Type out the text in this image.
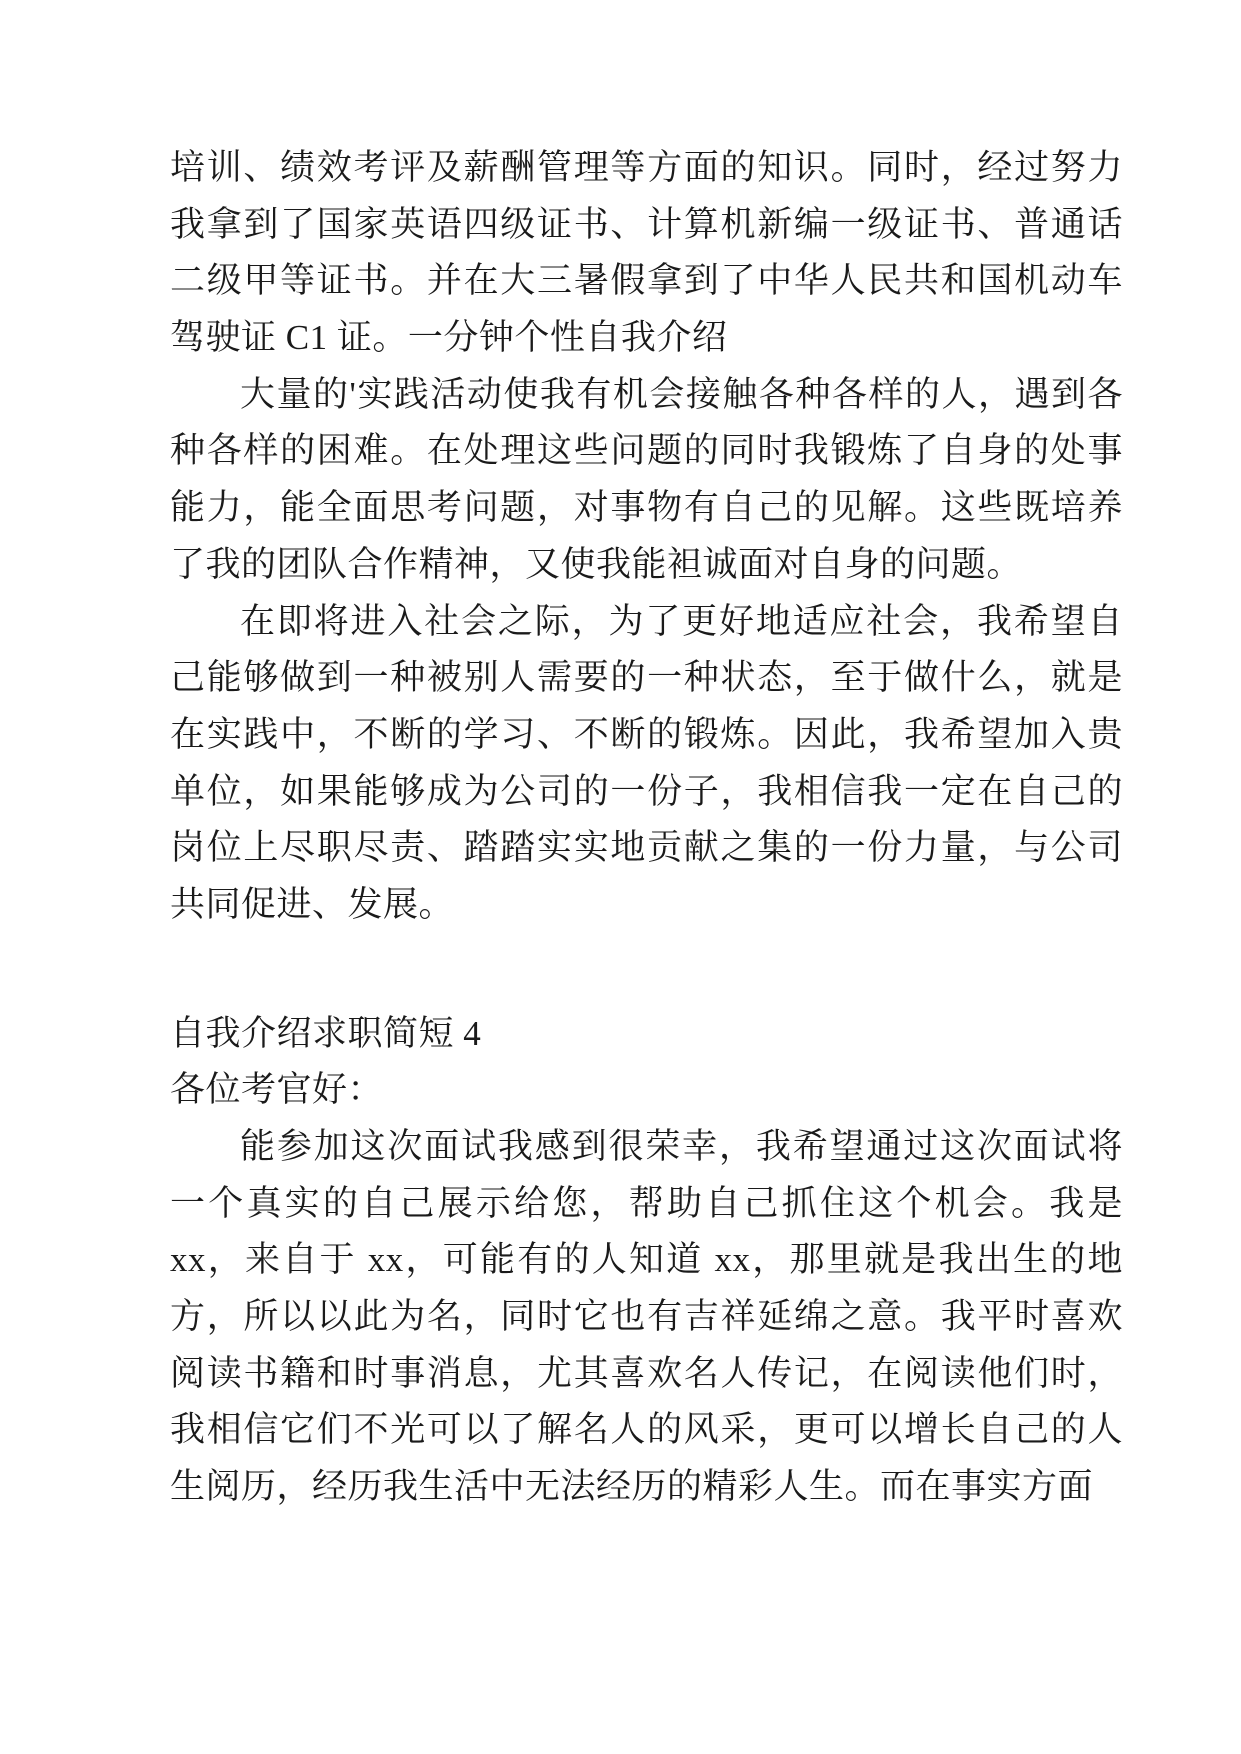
培训、绩效考评及薪酬管理等方面的知识。同时，经过努力我拿到了国家英语四级证书、计算机新编一级证书、普通话二级甲等证书。并在大三暑假拿到了中华人民共和国机动车驾驶证 C1 证。一分钟个性自我介绍

大量的'实践活动使我有机会接触各种各样的人，遇到各种各样的困难。在处理这些问题的同时我锻炼了自身的处事能力，能全面思考问题，对事物有自己的见解。这些既培养了我的团队合作精神，又使我能袒诚面对自身的问题。

在即将进入社会之际，为了更好地适应社会，我希望自己能够做到一种被别人需要的一种状态，至于做什么，就是在实践中，不断的学习、不断的锻炼。因此，我希望加入贵单位，如果能够成为公司的一份子，我相信我一定在自己的岗位上尽职尽责、踏踏实实地贡献之集的一份力量，与公司共同促进、发展。

自我介绍求职简短 4

各位考官好：

能参加这次面试我感到很荣幸，我希望通过这次面试将一个真实的自己展示给您，帮助自己抓住这个机会。我是 xx，来自于 xx，可能有的人知道 xx，那里就是我出生的地方，所以以此为名，同时它也有吉祥延绵之意。我平时喜欢阅读书籍和时事消息，尤其喜欢名人传记，在阅读他们时，我相信它们不光可以了解名人的风采，更可以增长自己的人生阅历，经历我生活中无法经历的精彩人生。而在事实方面
